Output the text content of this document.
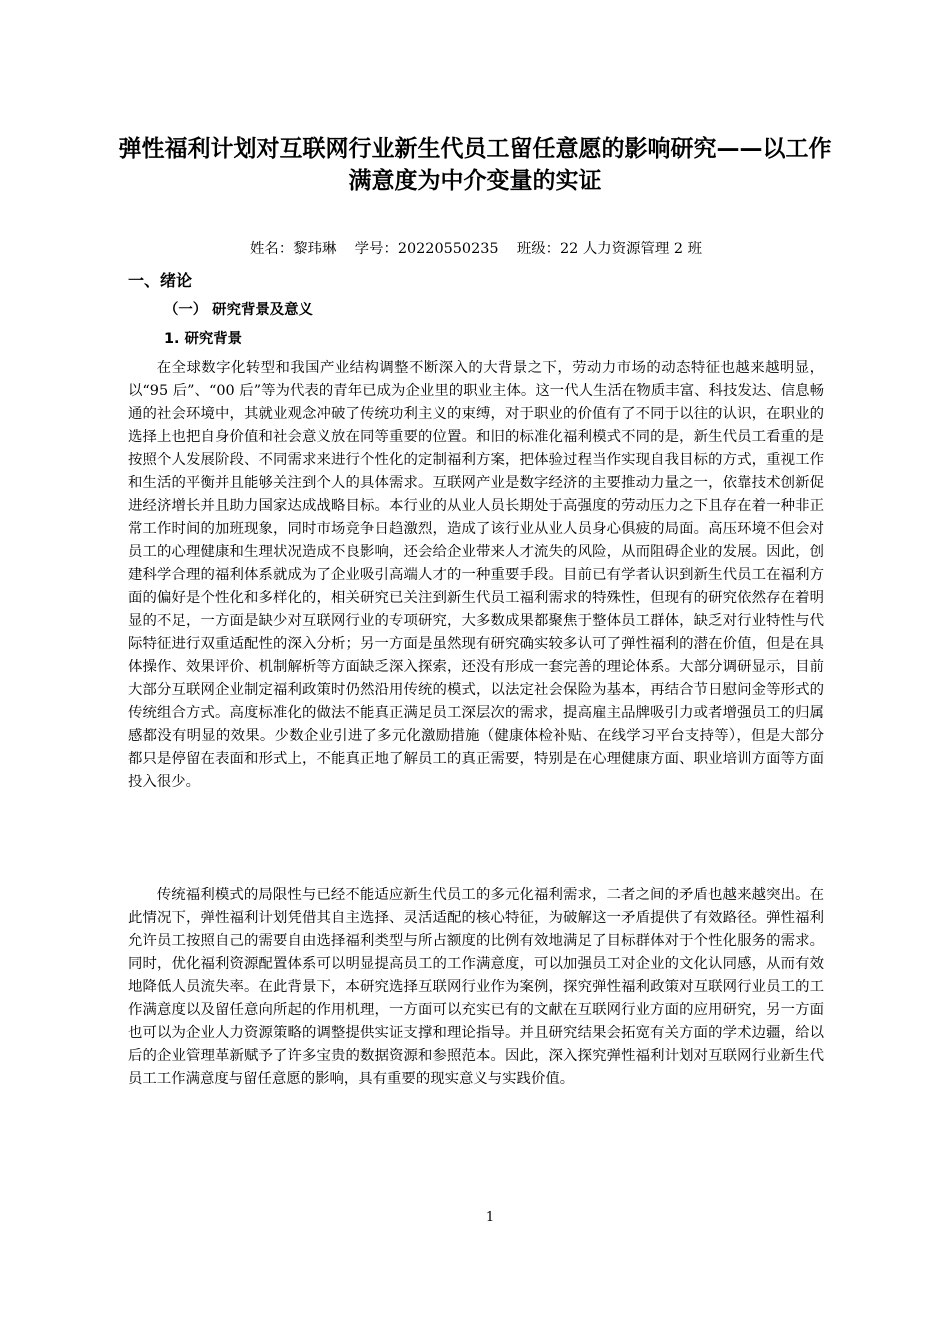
弹性福利计划对互联网行业新生代员工留任意愿的影响研究——以工作满意度为中介变量的实证
姓名：黎玮琳    学号：20220550235    班级：22 人力资源管理 2 班
一、绪论
（一） 研究背景及意义
1. 研究背景

在全球数字化转型和我国产业结构调整不断深入的大背景之下，劳动力市场的动态特征也越来越明显，以“95 后”、“00 后”等为代表的青年已成为企业里的职业主体。这一代人生活在物质丰富、科技发达、信息畅通的社会环境中，其就业观念冲破了传统功利主义的束缚，对于职业的价值有了不同于以往的认识，在职业的选择上也把自身价值和社会意义放在同等重要的位置。和旧的标准化福利模式不同的是，新生代员工看重的是按照个人发展阶段、不同需求来进行个性化的定制福利方案，把体验过程当作实现自我目标的方式，重视工作和生活的平衡并且能够关注到个人的具体需求。互联网产业是数字经济的主要推动力量之一，依靠技术创新促进经济增长并且助力国家达成战略目标。本行业的从业人员长期处于高强度的劳动压力之下且存在着一种非正常工作时间的加班现象，同时市场竞争日趋激烈，造成了该行业从业人员身心俱疲的局面。高压环境不但会对员工的心理健康和生理状况造成不良影响，还会给企业带来人才流失的风险，从而阻碍企业的发展。因此，创建科学合理的福利体系就成为了企业吸引高端人才的一种重要手段。目前已有学者认识到新生代员工在福利方面的偏好是个性化和多样化的，相关研究已关注到新生代员工福利需求的特殊性，但现有的研究依然存在着明显的不足，一方面是缺少对互联网行业的专项研究，大多数成果都聚焦于整体员工群体，缺乏对行业特性与代际特征进行双重适配性的深入分析；另一方面是虽然现有研究确实较多认可了弹性福利的潜在价值，但是在具体操作、效果评价、机制解析等方面缺乏深入探索，还没有形成一套完善的理论体系。大部分调研显示，目前大部分互联网企业制定福利政策时仍然沿用传统的模式，以法定社会保险为基本，再结合节日慰问金等形式的传统组合方式。高度标准化的做法不能真正满足员工深层次的需求，提高雇主品牌吸引力或者增强员工的归属感都没有明显的效果。少数企业引进了多元化激励措施（健康体检补贴、在线学习平台支持等），但是大部分都只是停留在表面和形式上，不能真正地了解员工的真正需要，特别是在心理健康方面、职业培训方面等方面投入很少。

传统福利模式的局限性与已经不能适应新生代员工的多元化福利需求，二者之间的矛盾也越来越突出。在此情况下，弹性福利计划凭借其自主选择、灵活适配的核心特征，为破解这一矛盾提供了有效路径。弹性福利允许员工按照自己的需要自由选择福利类型与所占额度的比例有效地满足了目标群体对于个性化服务的需求。同时，优化福利资源配置体系可以明显提高员工的工作满意度，可以加强员工对企业的文化认同感，从而有效地降低人员流失率。在此背景下，本研究选择互联网行业作为案例，探究弹性福利政策对互联网行业员工的工作满意度以及留任意向所起的作用机理，一方面可以充实已有的文献在互联网行业方面的应用研究，另一方面也可以为企业人力资源策略的调整提供实证支撑和理论指导。并且研究结果会拓宽有关方面的学术边疆，给以后的企业管理革新赋予了许多宝贵的数据资源和参照范本。因此，深入探究弹性福利计划对互联网行业新生代员工工作满意度与留任意愿的影响，具有重要的现实意义与实践价值。

1
